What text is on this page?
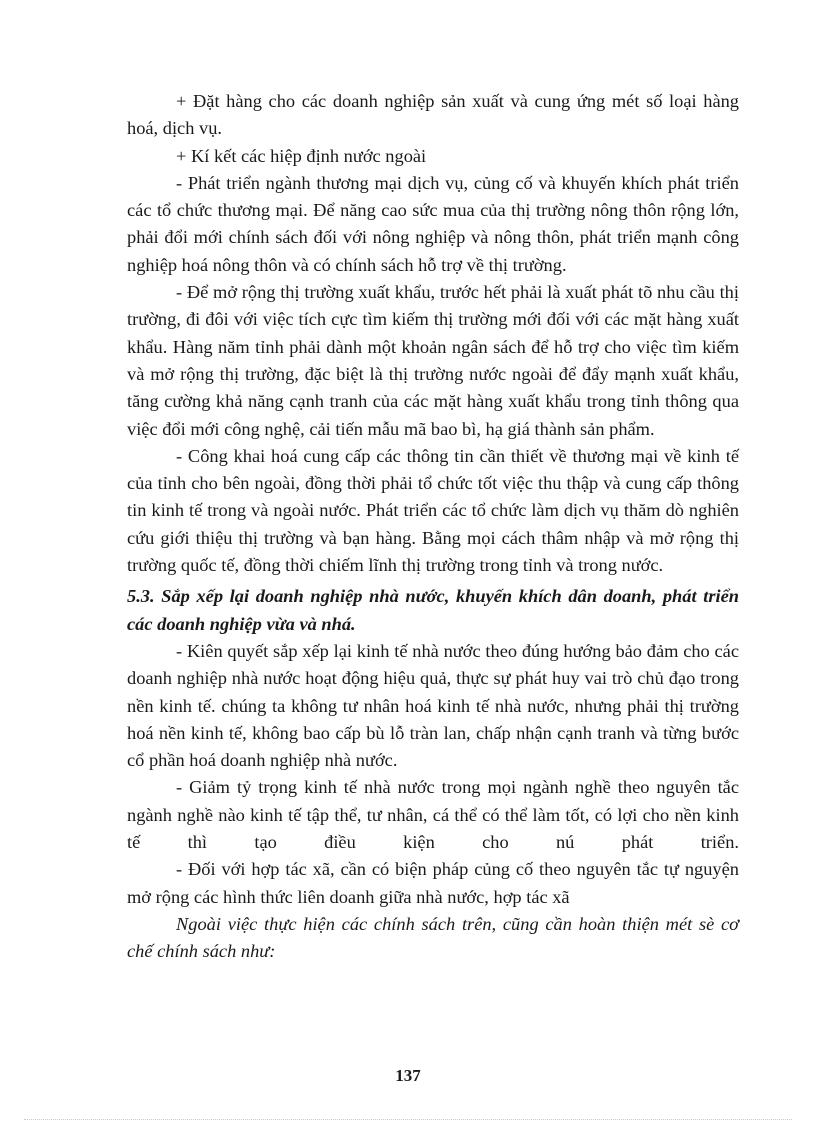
+ Đặt hàng cho các doanh nghiệp sản xuất và cung ứng mét số loại hàng hoá, dịch vụ.

+ Kí kết các hiệp định nước ngoài

- Phát triển ngành thương mại dịch vụ, củng cố và khuyến khích phát triển các tổ chức thương mại. Để năng cao sức mua của thị trường nông thôn rộng lớn, phải đổi mới chính sách đối với nông nghiệp và nông thôn, phát triển mạnh công nghiệp hoá nông thôn và có chính sách hỗ trợ về thị trường.

- Để mở rộng thị trường xuất khẩu, trước hết phải là xuất phát tõ nhu cầu thị trường, đi đôi với việc tích cực tìm kiếm thị trường mới đối với các mặt hàng xuất khẩu. Hàng năm tỉnh phải dành một khoản ngân sách để hỗ trợ cho việc tìm kiếm và mở rộng thị trường, đặc biệt là thị trường nước ngoài để đẩy mạnh xuất khẩu, tăng cường khả năng cạnh tranh của các mặt hàng xuất khẩu trong tỉnh thông qua việc đổi mới công nghệ, cải tiến mẫu mã bao bì, hạ giá thành sản phẩm.

- Công khai hoá cung cấp các thông tin cần thiết về thương mại về kinh tế của tỉnh cho bên ngoài, đồng thời phải tổ chức tốt việc thu thập và cung cấp thông tin kinh tế trong và ngoài nước. Phát triển các tổ chức làm dịch vụ thăm dò nghiên cứu giới thiệu thị trường và bạn hàng. Bằng mọi cách thâm nhập và mở rộng thị trường quốc tế, đồng thời chiếm lĩnh thị trường trong tỉnh và trong nước.

5.3. Sắp xếp lại doanh nghiệp nhà nước, khuyến khích dân doanh, phát triển các doanh nghiệp vừa và nhá.

- Kiên quyết sắp xếp lại kinh tế nhà nước theo đúng hướng bảo đảm cho các doanh nghiệp nhà nước hoạt động hiệu quả, thực sự phát huy vai trò chủ đạo trong nền kinh tế. chúng ta không tư nhân hoá kinh tế nhà nước, nhưng phải thị trường hoá nền kinh tế, không bao cấp bù lỗ tràn lan, chấp nhận cạnh tranh và từng bước cổ phần hoá doanh nghiệp nhà nước.

- Giảm tỷ trọng kinh tế nhà nước trong mọi ngành nghề theo nguyên tắc ngành nghề nào kinh tế tập thể, tư nhân, cá thể có thể làm tốt, có lợi cho nền kinh tế thì tạo điều kiện cho nú phát triển.

- Đối với hợp tác xã, cần có biện pháp củng cố theo nguyên tắc tự nguyện mở rộng các hình thức liên doanh giữa nhà nước, hợp tác xã

Ngoài việc thực hiện các chính sách trên, cũng cần hoàn thiện mét sè cơ chế chính sách như:

137
